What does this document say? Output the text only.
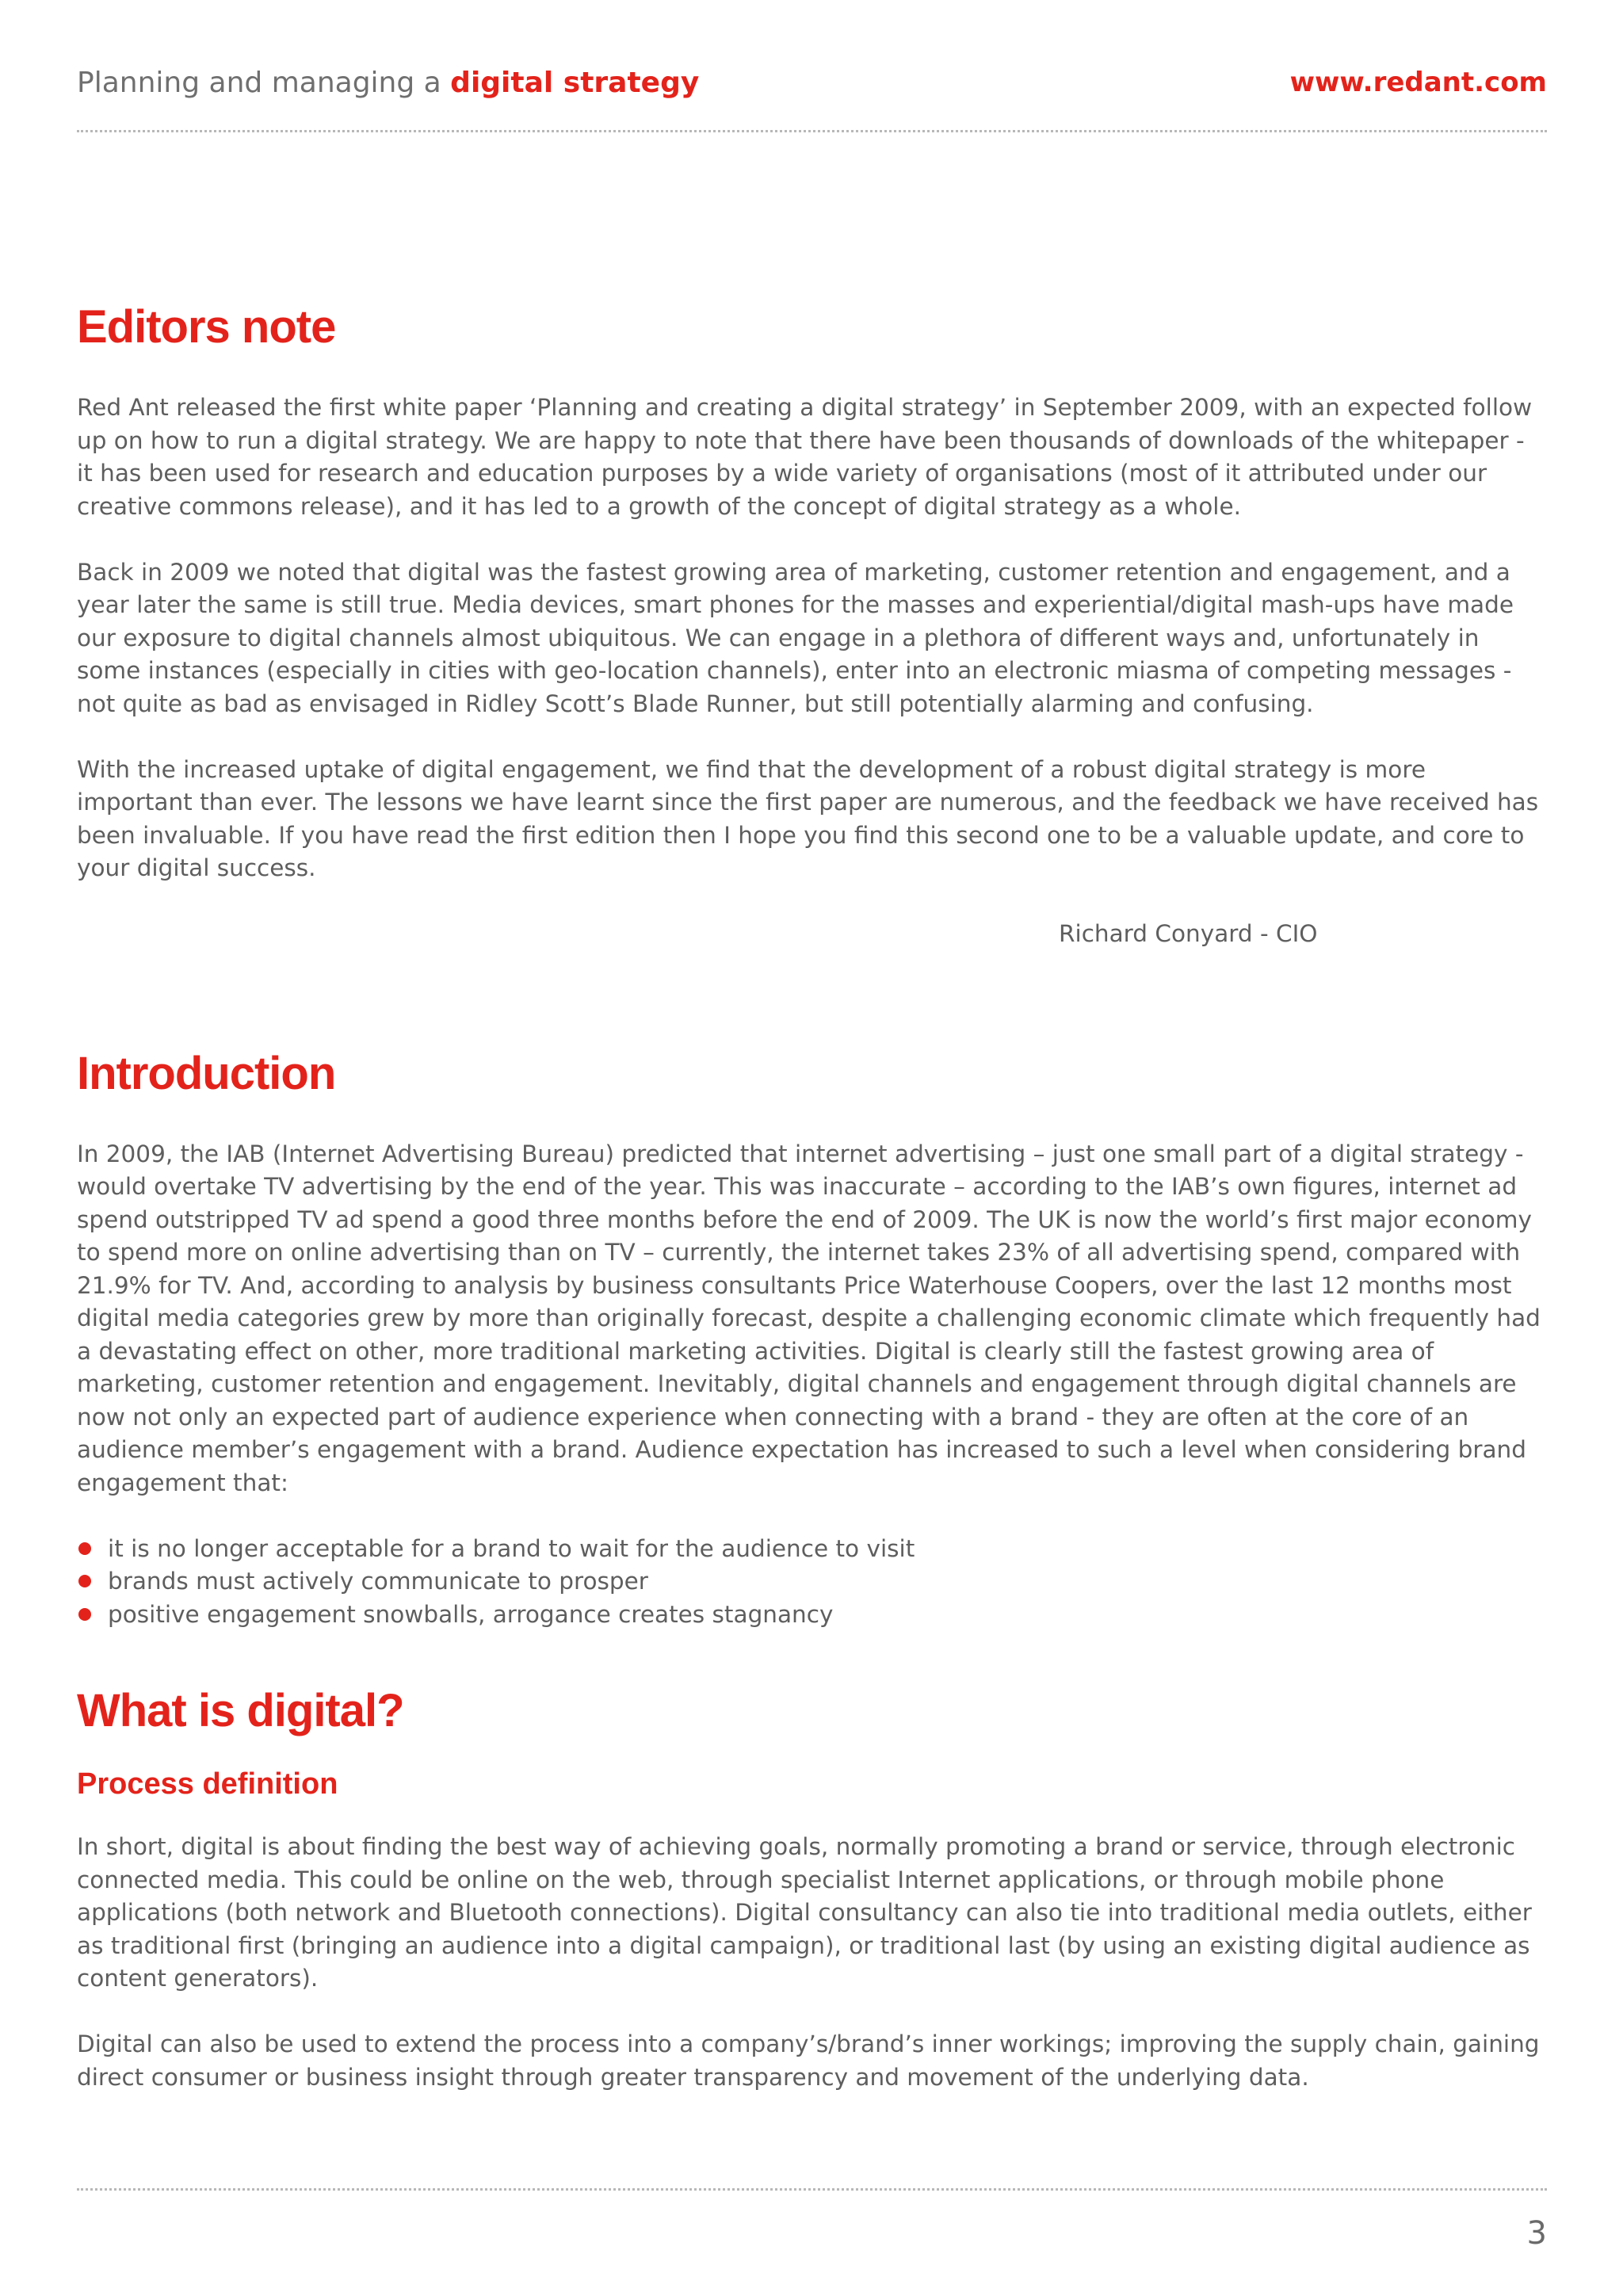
Planning and managing a digital strategy	www.redant.com
Editors note

Red Ant released the first white paper ‘Planning and creating a digital strategy’ in September 2009, with an expected follow up on how to run a digital strategy. We are happy to note that there have been thousands of downloads of the whitepaper - it has been used for research and education purposes by a wide variety of organisations (most of it attributed under our creative commons release), and it has led to a growth of the concept of digital strategy as a whole.

Back in 2009 we noted that digital was the fastest growing area of marketing, customer retention and engagement, and a year later the same is still true. Media devices, smart phones for the masses and experiential/digital mash-ups have made our exposure to digital channels almost ubiquitous. We can engage in a plethora of different ways and, unfortunately in some instances (especially in cities with geo-location channels), enter into an electronic miasma of competing messages - not quite as bad as envisaged in Ridley Scott’s Blade Runner, but still potentially alarming and confusing.

With the increased uptake of digital engagement, we find that the development of a robust digital strategy is more important than ever. The lessons we have learnt since the first paper are numerous, and the feedback we have received has been invaluable. If you have read the first edition then I hope you find this second one to be a valuable update, and core to your digital success.

Richard Conyard - CIO

Introduction

In 2009, the IAB (Internet Advertising Bureau) predicted that internet advertising – just one small part of a digital strategy - would overtake TV advertising by the end of the year. This was inaccurate – according to the IAB’s own figures, internet ad spend outstripped TV ad spend a good three months before the end of 2009. The UK is now the world’s first major economy to spend more on online advertising than on TV – currently, the internet takes 23% of all advertising spend, compared with 21.9% for TV. And, according to analysis by business consultants Price Waterhouse Coopers, over the last 12 months most digital media categories grew by more than originally forecast, despite a challenging economic climate which frequently had a devastating effect on other, more traditional marketing activities. Digital is clearly still the fastest growing area of marketing, customer retention and engagement. Inevitably, digital channels and engagement through digital channels are now not only an expected part of audience experience when connecting with a brand - they are often at the core of an audience member’s engagement with a brand. Audience expectation has increased to such a level when considering brand engagement that:

it is no longer acceptable for a brand to wait for the audience to visit
brands must actively communicate to prosper
positive engagement snowballs, arrogance creates stagnancy
What is digital?
Process definition

In short, digital is about finding the best way of achieving goals, normally promoting a brand or service, through electronic connected media. This could be online on the web, through specialist Internet applications, or through mobile phone applications (both network and Bluetooth connections). Digital consultancy can also tie into traditional media outlets, either as traditional first (bringing an audience into a digital campaign), or traditional last (by using an existing digital audience as content generators).

Digital can also be used to extend the process into a company’s/brand’s inner workings; improving the supply chain, gaining direct consumer or business insight through greater transparency and movement of the underlying data.

3
